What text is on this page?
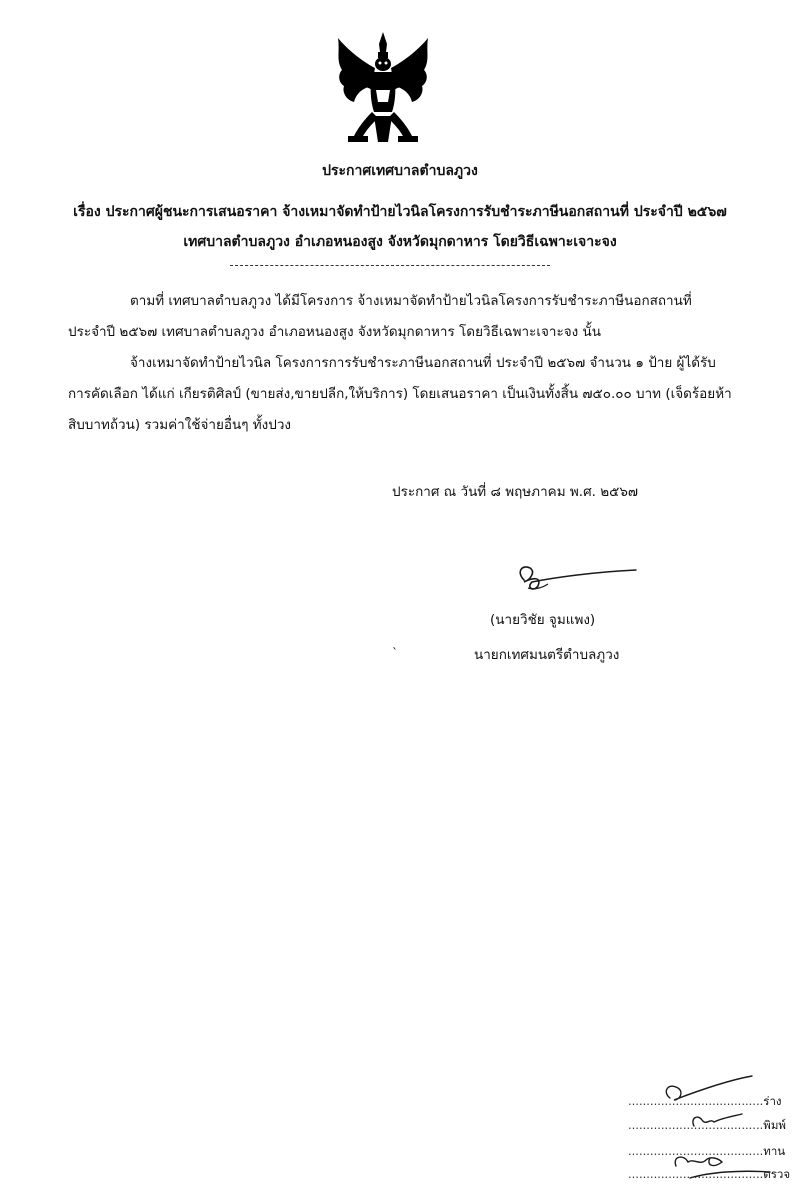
ประกาศเทศบาลตำบลภูวง
เรื่อง ประกาศผู้ชนะการเสนอราคา จ้างเหมาจัดทำป้ายไวนิลโครงการรับชำระภาษีนอกสถานที่ ประจำปี ๒๕๖๗
เทศบาลตำบลภูวง อำเภอหนองสูง จังหวัดมุกดาหาร โดยวิธีเฉพาะเจาะจง
ตามที่ เทศบาลตำบลภูวง ได้มีโครงการ จ้างเหมาจัดทำป้ายไวนิลโครงการรับชำระภาษีนอกสถานที่
ประจำปี ๒๕๖๗ เทศบาลตำบลภูวง อำเภอหนองสูง จังหวัดมุกดาหาร โดยวิธีเฉพาะเจาะจง นั้น
จ้างเหมาจัดทำป้ายไวนิล โครงการการรับชำระภาษีนอกสถานที่ ประจำปี ๒๕๖๗ จำนวน ๑ ป้าย ผู้ได้รับ
การคัดเลือก ได้แก่ เกียรติศิลป์ (ขายส่ง,ขายปลีก,ให้บริการ) โดยเสนอราคา เป็นเงินทั้งสิ้น ๗๕๐.๐๐ บาท (เจ็ดร้อยห้า
สิบบาทถ้วน) รวมค่าใช้จ่ายอื่นๆ ทั้งปวง
ประกาศ ณ วันที่ ๘ พฤษภาคม พ.ศ. ๒๕๖๗
(นายวิชัย จูมแพง)
`	นายกเทศมนตรีตำบลภูวง
.....................................ร่าง
.....................................พิมพ์
.....................................ทาน
.....................................ตรวจ
